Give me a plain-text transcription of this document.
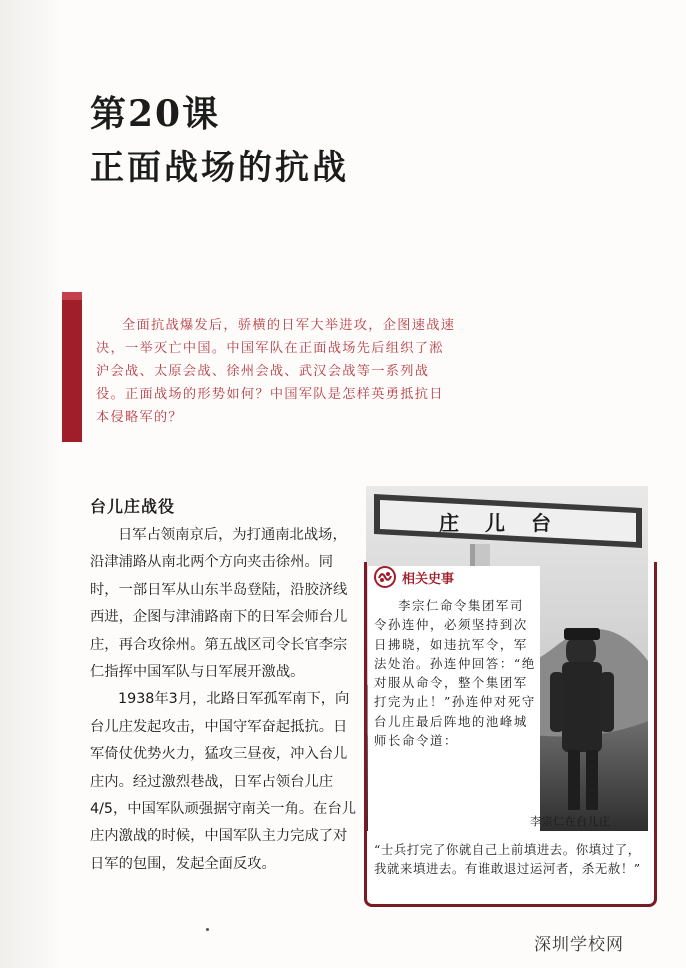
第20课
正面战场的抗战
全面抗战爆发后，骄横的日军大举进攻，企图速战速决，一举灭亡中国。中国军队在正面战场先后组织了淞沪会战、太原会战、徐州会战、武汉会战等一系列战役。正面战场的形势如何？中国军队是怎样英勇抵抗日本侵略军的？
台儿庄战役

日军占领南京后，为打通南北战场，沿津浦路从南北两个方向夹击徐州。同时，一部日军从山东半岛登陆，沿胶济线西进，企图与津浦路南下的日军会师台儿庄，再合攻徐州。第五战区司令长官李宗仁指挥中国军队与日军展开激战。

1938年3月，北路日军孤军南下，向台儿庄发起攻击，中国守军奋起抵抗。日军倚仗优势火力，猛攻三昼夜，冲入台儿庄内。经过激烈巷战，日军占领台儿庄4/5，中国军队顽强据守南关一角。在台儿庄内激战的时候，中国军队主力完成了对日军的包围，发起全面反攻。

庄儿台
李宗仁在台儿庄
相关史事
李宗仁命令集团军司令孙连仲，必须坚持到次日拂晓，如违抗军令，军法处治。孙连仲回答：“绝对服从命令，整个集团军打完为止！”孙连仲对死守台儿庄最后阵地的池峰城师长命令道：
“士兵打完了你就自己上前填进去。你填过了，我就来填进去。有谁敢退过运河者，杀无赦！”
深圳学校网
